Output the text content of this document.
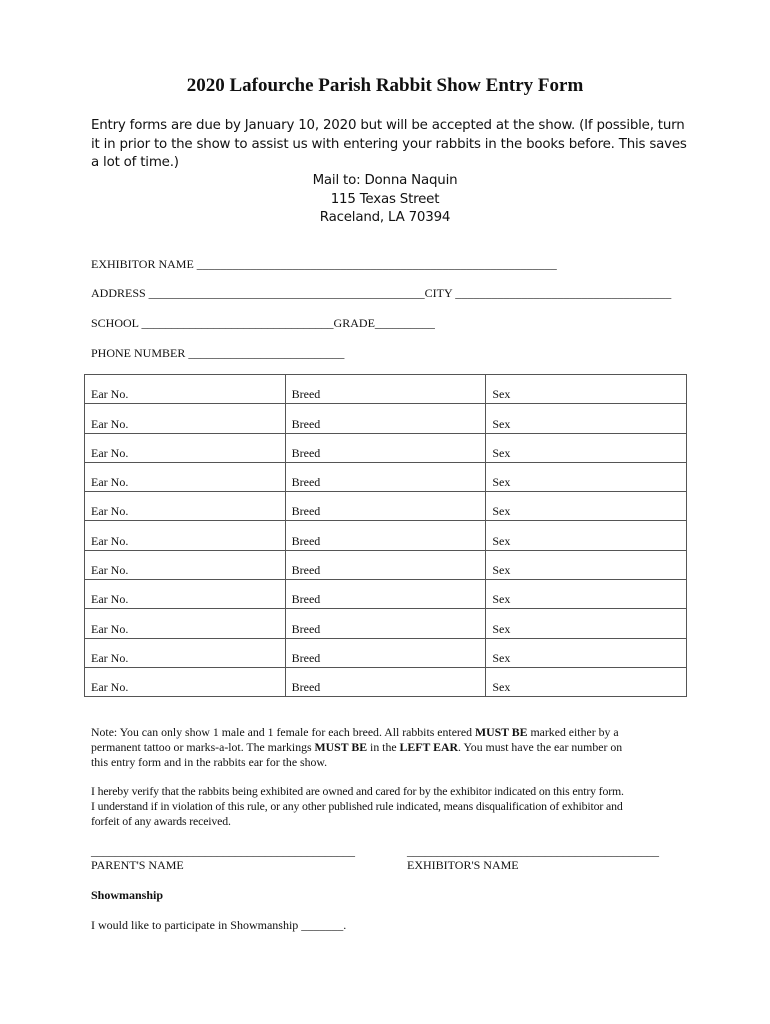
2020 Lafourche Parish Rabbit Show Entry Form

Entry forms are due by January 10, 2020 but will be accepted at the show. (If possible, turn

it in prior to the show to assist us with entering your rabbits in the books before. This saves

a lot of time.)

Mail to: Donna Naquin
115 Texas Street
Raceland, LA 70394
EXHIBITOR NAME ____________________________________________________________
ADDRESS ______________________________________________CITY ____________________________________
SCHOOL ________________________________GRADE__________
PHONE NUMBER __________________________
Ear No.	Breed	Sex
Ear No.	Breed	Sex
Ear No.	Breed	Sex
Ear No.	Breed	Sex
Ear No.	Breed	Sex
Ear No.	Breed	Sex
Ear No.	Breed	Sex
Ear No.	Breed	Sex
Ear No.	Breed	Sex
Ear No.	Breed	Sex
Ear No.	Breed	Sex

Note: You can only show 1 male and 1 female for each breed. All rabbits entered MUST BE marked either by a

permanent tattoo or marks-a-lot. The markings MUST BE in the LEFT EAR. You must have the ear number on

this entry form and in the rabbits ear for the show.

I hereby verify that the rabbits being exhibited are owned and cared for by the exhibitor indicated on this entry form.

I understand if in violation of this rule, or any other published rule indicated, means disqualification of exhibitor and

forfeit of any awards received.

____________________________________________
PARENT'S NAME
__________________________________________
EXHIBITOR'S NAME
Showmanship
I would like to participate in Showmanship _______.
